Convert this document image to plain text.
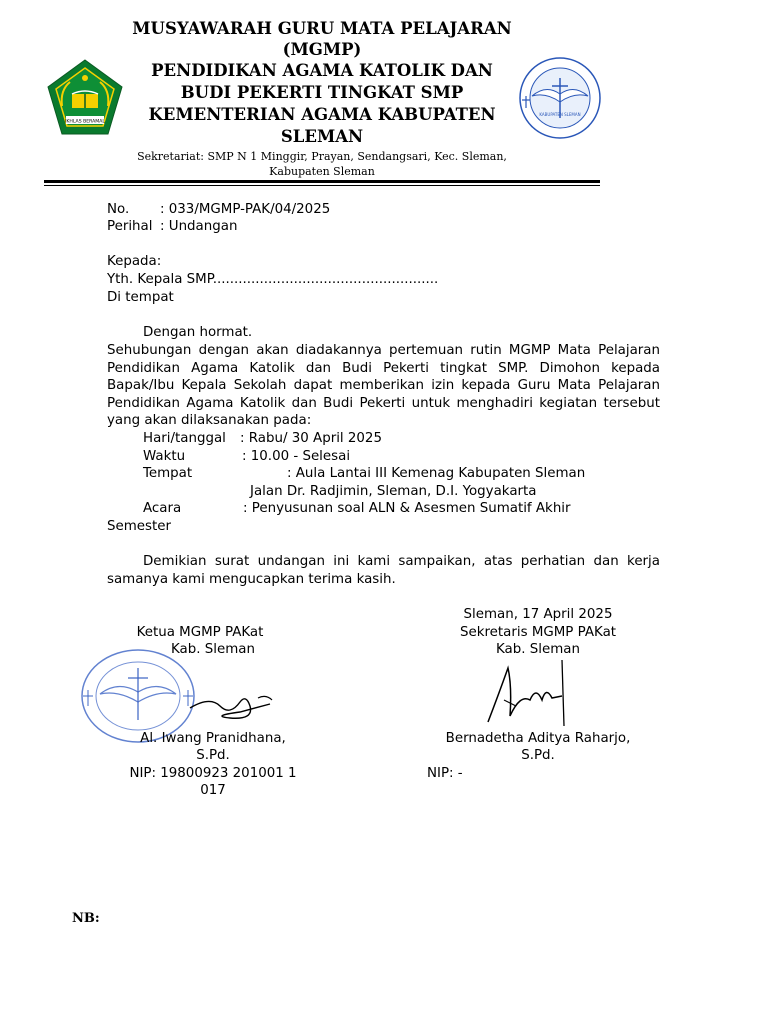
IKHLAS BERAMAL
KABUPATEN SLEMAN
MUSYAWARAH GURU MATA PELAJARAN
(MGMP)
PENDIDIKAN AGAMA KATOLIK DAN
BUDI PEKERTI TINGKAT SMP
KEMENTERIAN AGAMA KABUPATEN
SLEMAN
Sekretariat: SMP N 1 Minggir, Prayan, Sendangsari, Kec. Sleman,
Kabupaten Sleman
No. : 033/MGMP-PAK/04/2025
Perihal : Undangan
Kepada:
Yth. Kepala SMP.....................................................
Di tempat
Dengan hormat.
Sehubungan dengan akan diadakannya pertemuan rutin MGMP Mata Pelajaran Pendidikan Agama Katolik dan Budi Pekerti tingkat SMP. Dimohon kepada Bapak/Ibu Kepala Sekolah dapat memberikan izin kepada Guru Mata Pelajaran Pendidikan Agama Katolik dan Budi Pekerti untuk menghadiri kegiatan tersebut yang akan dilaksanakan pada:
Hari/tanggal : Rabu/ 30 April 2025
Waktu	: 10.00 - Selesai
Tempat	: Aula Lantai III Kemenag Kabupaten Sleman
Jalan Dr. Radjimin, Sleman, D.I. Yogyakarta
Acara	: Penyusunan soal ALN & Asesmen Sumatif Akhir
Semester
Demikian surat undangan ini kami sampaikan, atas perhatian dan kerja samanya kami mengucapkan terima kasih.
Sleman, 17 April 2025
Ketua MGMP PAKat
Kab. Sleman
Sekretaris MGMP PAKat
Kab. Sleman
Al. Iwang Pranidhana,
S.Pd.
NIP: 19800923 201001 1
017
Bernadetha Aditya Raharjo,
S.Pd.
NIP: -
NB:
